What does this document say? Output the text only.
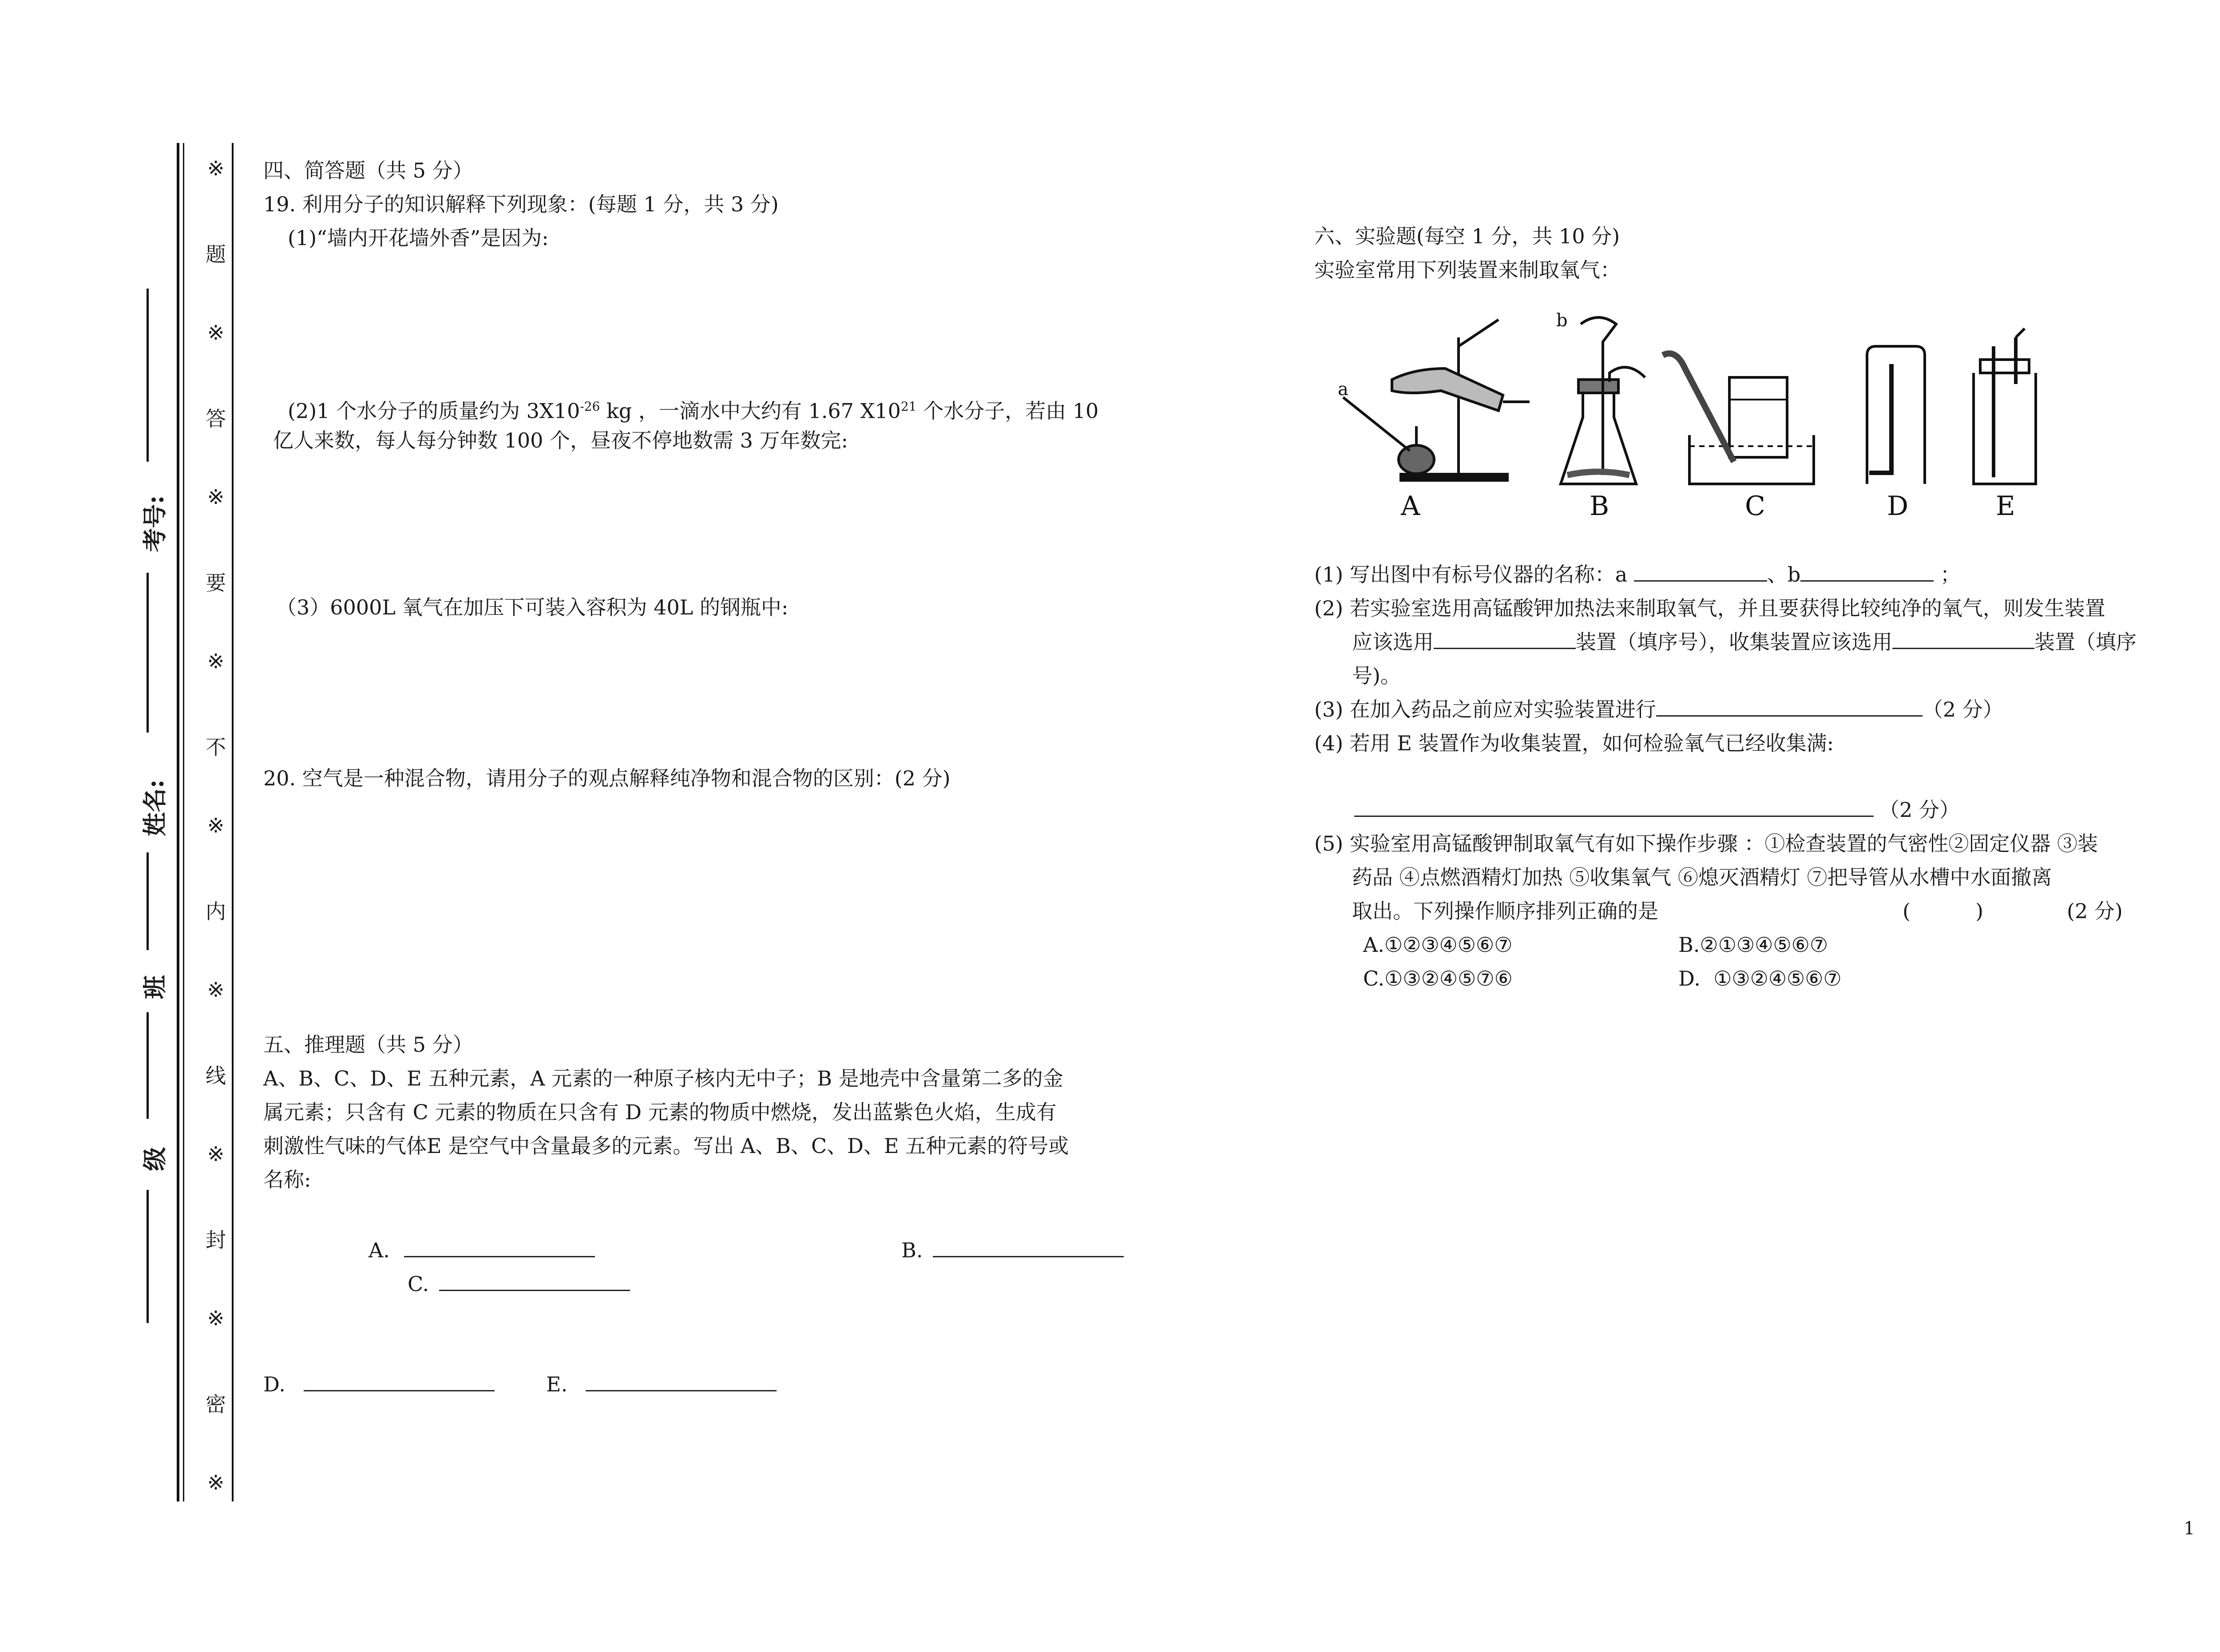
※
题
※
答
※
要
※
不
※
内
※
线
※
封
※
密
※
考号:
姓名:
班
级
四、简答题（共 5 分）
19. 利用分子的知识解释下列现象：(每题 1 分，共 3 分)
(1)“墙内开花墙外香”是因为:
(2)1 个水分子的质量约为 $3X10^{-26}$ kg ，一滴水中大约有 1.67 $X10^{21}$ 个水分子，若由 10
亿人来数，每人每分钟数 100 个，昼夜不停地数需 3 万年数完:
（3）6000L 氧气在加压下可装入容积为 40L 的钢瓶中:
20. 空气是一种混合物，请用分子的观点解释纯净物和混合物的区别：(2 分)
五、推理题（共 5 分）
A、B、C、D、E 五种元素，A 元素的一种原子核内无中子；B 是地壳中含量第二多的金
属元素；只含有 C 元素的物质在只含有 D 元素的物质中燃烧，发出蓝紫色火焰，生成有
刺激性气味的气体E 是空气中含量最多的元素。写出 A、B、C、D、E 五种元素的符号或
名称:
A.	B.
C.
D.	E.
六、实验题(每空 1 分，共 10 分)
实验室常用下列装置来制取氧气：
a
A
b
B	C	D	E
(1) 写出图中有标号仪器的名称：a	、b	；
(2) 若实验室选用高锰酸钾加热法来制取氧气，并且要获得比较纯净的氧气，则发生装置
应该选用	装置（填序号），收集装置应该选用	装置（填序
号)。
(3) 在加入药品之前应对实验装置进行	（2 分）
(4) 若用 E 装置作为收集装置，如何检验氧气已经收集满:
（2 分）
(5) 实验室用高锰酸钾制取氧气有如下操作步骤 ：①检查装置的气密性②固定仪器 ③装
药品 ④点燃酒精灯加热 ⑤收集氧气 ⑥熄灭酒精灯 ⑦把导管从水槽中水面撤离
取出。下列操作顺序排列正确的是	(          )	(2 分)
A.①②③④⑤⑥⑦	B.②①③④⑤⑥⑦
C.①③②④⑤⑦⑥	D.  ①③②④⑤⑥⑦
1
